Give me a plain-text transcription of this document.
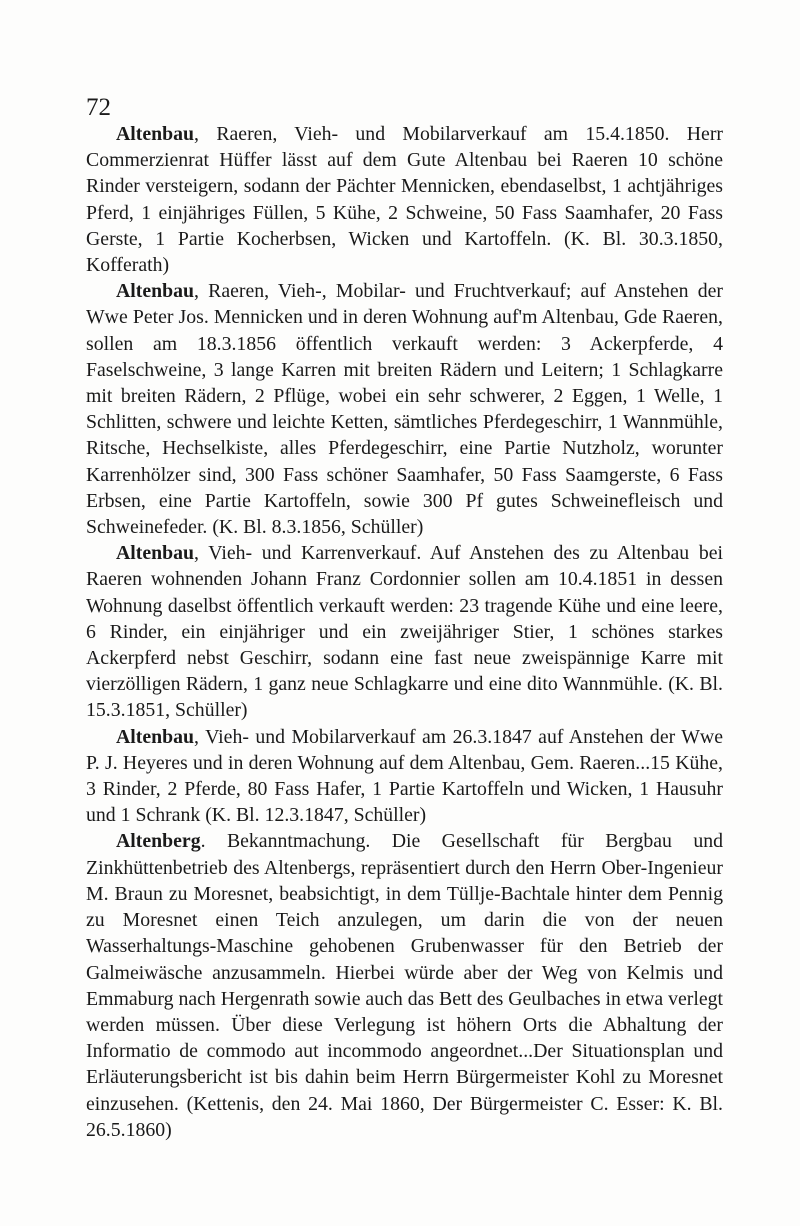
72

Altenbau, Raeren, Vieh- und Mobilarverkauf am 15.4.1850. Herr Commerzienrat Hüffer lässt auf dem Gute Altenbau bei Raeren 10 schöne Rinder versteigern, sodann der Pächter Mennicken, ebendaselbst, 1 achtjähriges Pferd, 1 einjähriges Füllen, 5 Kühe, 2 Schweine, 50 Fass Saamhafer, 20 Fass Gerste, 1 Partie Kocherbsen, Wicken und Kartoffeln. (K. Bl. 30.3.1850, Kofferath)

Altenbau, Raeren, Vieh-, Mobilar- und Fruchtverkauf; auf Anstehen der Wwe Peter Jos. Mennicken und in deren Wohnung auf'm Altenbau, Gde Raeren, sollen am 18.3.1856 öffentlich verkauft werden: 3 Ackerpferde, 4 Faselschweine, 3 lange Karren mit breiten Rädern und Leitern; 1 Schlagkarre mit breiten Rädern, 2 Pflüge, wobei ein sehr schwerer, 2 Eggen, 1 Welle, 1 Schlitten, schwere und leichte Ketten, sämtliches Pferdegeschirr, 1 Wannmühle, Ritsche, Hechselkiste, alles Pferdegeschirr, eine Partie Nutzholz, worunter Karrenhölzer sind, 300 Fass schöner Saamhafer, 50 Fass Saamgerste, 6 Fass Erbsen, eine Partie Kartoffeln, sowie 300 Pf gutes Schweinefleisch und Schweinefeder. (K. Bl. 8.3.1856, Schüller)

Altenbau, Vieh- und Karrenverkauf. Auf Anstehen des zu Altenbau bei Raeren wohnenden Johann Franz Cordonnier sollen am 10.4.1851 in dessen Wohnung daselbst öffentlich verkauft werden: 23 tragende Kühe und eine leere, 6 Rinder, ein einjähriger und ein zweijähriger Stier, 1 schönes starkes Ackerpferd nebst Geschirr, sodann eine fast neue zweispännige Karre mit vierzölligen Rädern, 1 ganz neue Schlagkarre und eine dito Wannmühle. (K. Bl. 15.3.1851, Schüller)

Altenbau, Vieh- und Mobilarverkauf am 26.3.1847 auf Anstehen der Wwe P. J. Heyeres und in deren Wohnung auf dem Altenbau, Gem. Raeren...15 Kühe, 3 Rinder, 2 Pferde, 80 Fass Hafer, 1 Partie Kartoffeln und Wicken, 1 Hausuhr und 1 Schrank (K. Bl. 12.3.1847, Schüller)

Altenberg. Bekanntmachung. Die Gesellschaft für Bergbau und Zinkhüttenbetrieb des Altenbergs, repräsentiert durch den Herrn Ober-Ingenieur M. Braun zu Moresnet, beabsichtigt, in dem Tüllje-Bachtale hinter dem Pennig zu Moresnet einen Teich anzulegen, um darin die von der neuen Wasserhaltungs-Maschine gehobenen Grubenwasser für den Betrieb der Galmeiwäsche anzusammeln. Hierbei würde aber der Weg von Kelmis und Emmaburg nach Hergenrath sowie auch das Bett des Geulbaches in etwa verlegt werden müssen. Über diese Verlegung ist höhern Orts die Abhaltung der Informatio de commodo aut incommodo angeordnet...Der Situationsplan und Erläuterungsbericht ist bis dahin beim Herrn Bürgermeister Kohl zu Moresnet einzusehen. (Kettenis, den 24. Mai 1860, Der Bürgermeister C. Esser: K. Bl. 26.5.1860)
